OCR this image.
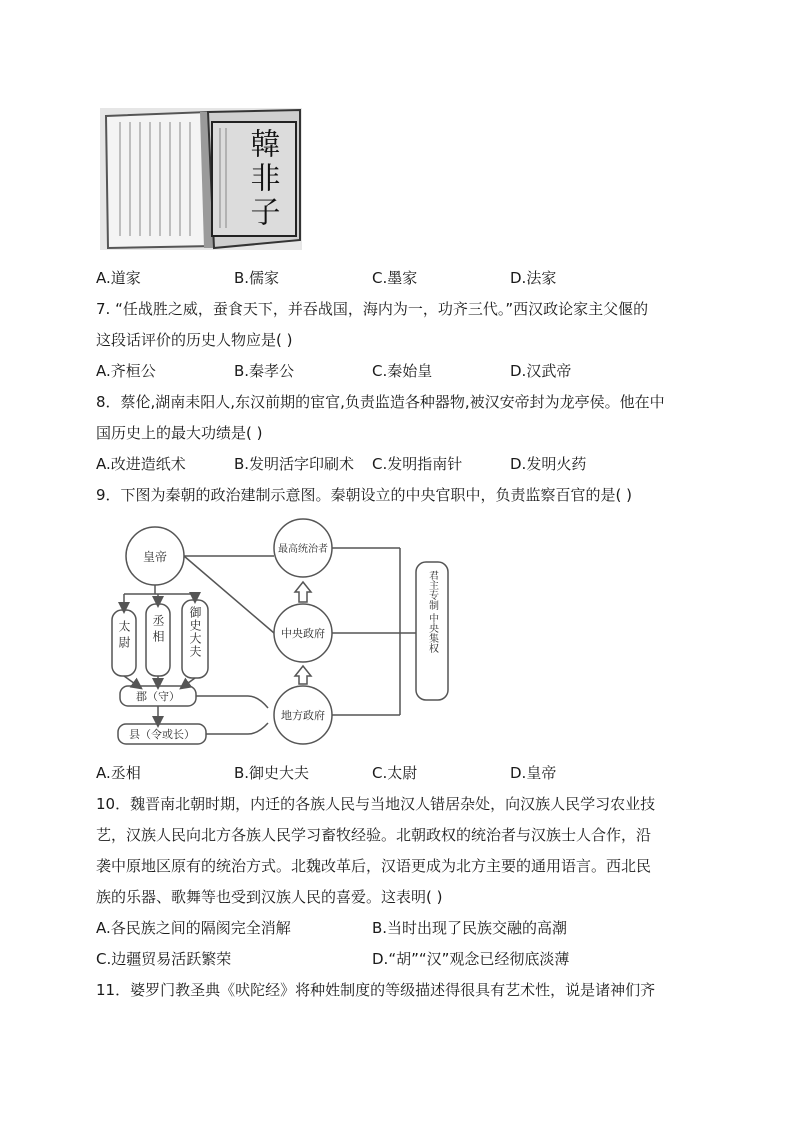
韓非子
A.道家	B.儒家	C.墨家	D.法家
7. “任战胜之威，蚕食天下，并吞战国，海内为一，功齐三代。”西汉政论家主父偃的
这段话评价的历史人物应是( )
A.齐桓公	B.秦孝公	C.秦始皇	D.汉武帝
8．蔡伦,湖南耒阳人,东汉前期的宦官,负责监造各种器物,被汉安帝封为龙亭侯。他在中
国历史上的最大功绩是( )
A.改进造纸术	B.发明活字印刷术 C.发明指南针	D.发明火药
9．下图为秦朝的政治建制示意图。秦朝设立的中央官职中，负责监察百官的是( )
皇帝
最高统治者
中央政府
地方政府
太尉 丞相 御史大夫
郡（守）
县（令或长）
君主专制 中央集权
A.丞相	B.御史大夫	C.太尉	D.皇帝
10．魏晋南北朝时期，内迁的各族人民与当地汉人错居杂处，向汉族人民学习农业技
艺，汉族人民向北方各族人民学习畜牧经验。北朝政权的统治者与汉族士人合作，沿
袭中原地区原有的统治方式。北魏改革后，汉语更成为北方主要的通用语言。西北民
族的乐器、歌舞等也受到汉族人民的喜爱。这表明( )
A.各民族之间的隔阂完全消解	B.当时出现了民族交融的高潮
C.边疆贸易活跃繁荣	D.“胡”“汉”观念已经彻底淡薄
11．婆罗门教圣典《吠陀经》将种姓制度的等级描述得很具有艺术性，说是诸神们齐
